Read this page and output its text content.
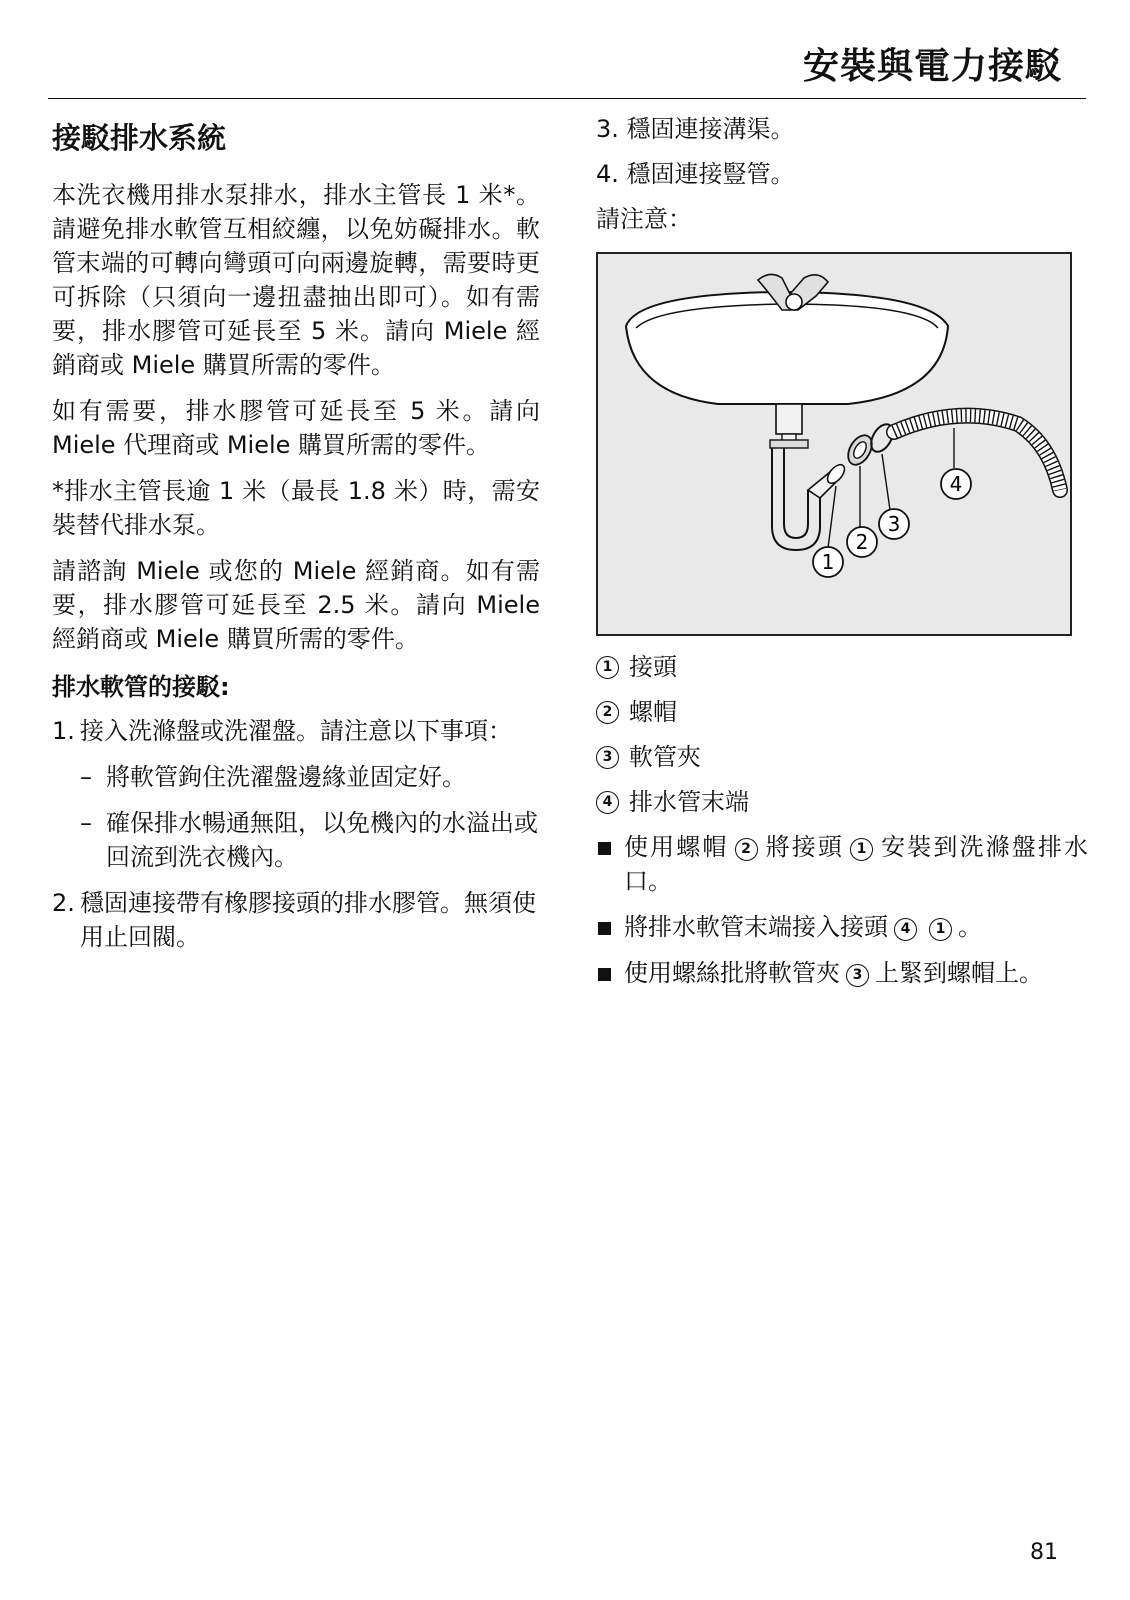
安裝與電力接駁
接駁排水系統

本洗衣機用排水泵排水，排水主管長 1 米*。請避免排水軟管互相絞纏，以免妨礙排水。軟管末端的可轉向彎頭可向兩邊旋轉，需要時更可拆除（只須向一邊扭盡抽出即可）。如有需要，排水膠管可延長至 5 米。請向 Miele 經銷商或 Miele 購買所需的零件。

如有需要，排水膠管可延長至 5 米。請向 Miele 代理商或 Miele 購買所需的零件。

*排水主管長逾 1 米（最長 1.8 米）時，需安裝替代排水泵。

請諮詢 Miele 或您的 Miele 經銷商。如有需要，排水膠管可延長至 2.5 米。請向 Miele 經銷商或 Miele 購買所需的零件。

排水軟管的接駁:
1. 接入洗滌盤或洗濯盤。請注意以下事項：
– 將軟管鉤住洗濯盤邊緣並固定好。
– 確保排水暢通無阻，以免機內的水溢出或回流到洗衣機內。
2. 穩固連接帶有橡膠接頭的排水膠管。無須使用止回閥。
3. 穩固連接溝渠。
4. 穩固連接豎管。
請注意：
1
2
3
4
1 接頭
2 螺帽
3 軟管夾
4 排水管末端
使用螺帽 2 將接頭 1 安裝到洗滌盤排水口。
將排水軟管末端接入接頭 4 1 。
使用螺絲批將軟管夾 3 上緊到螺帽上。
81
